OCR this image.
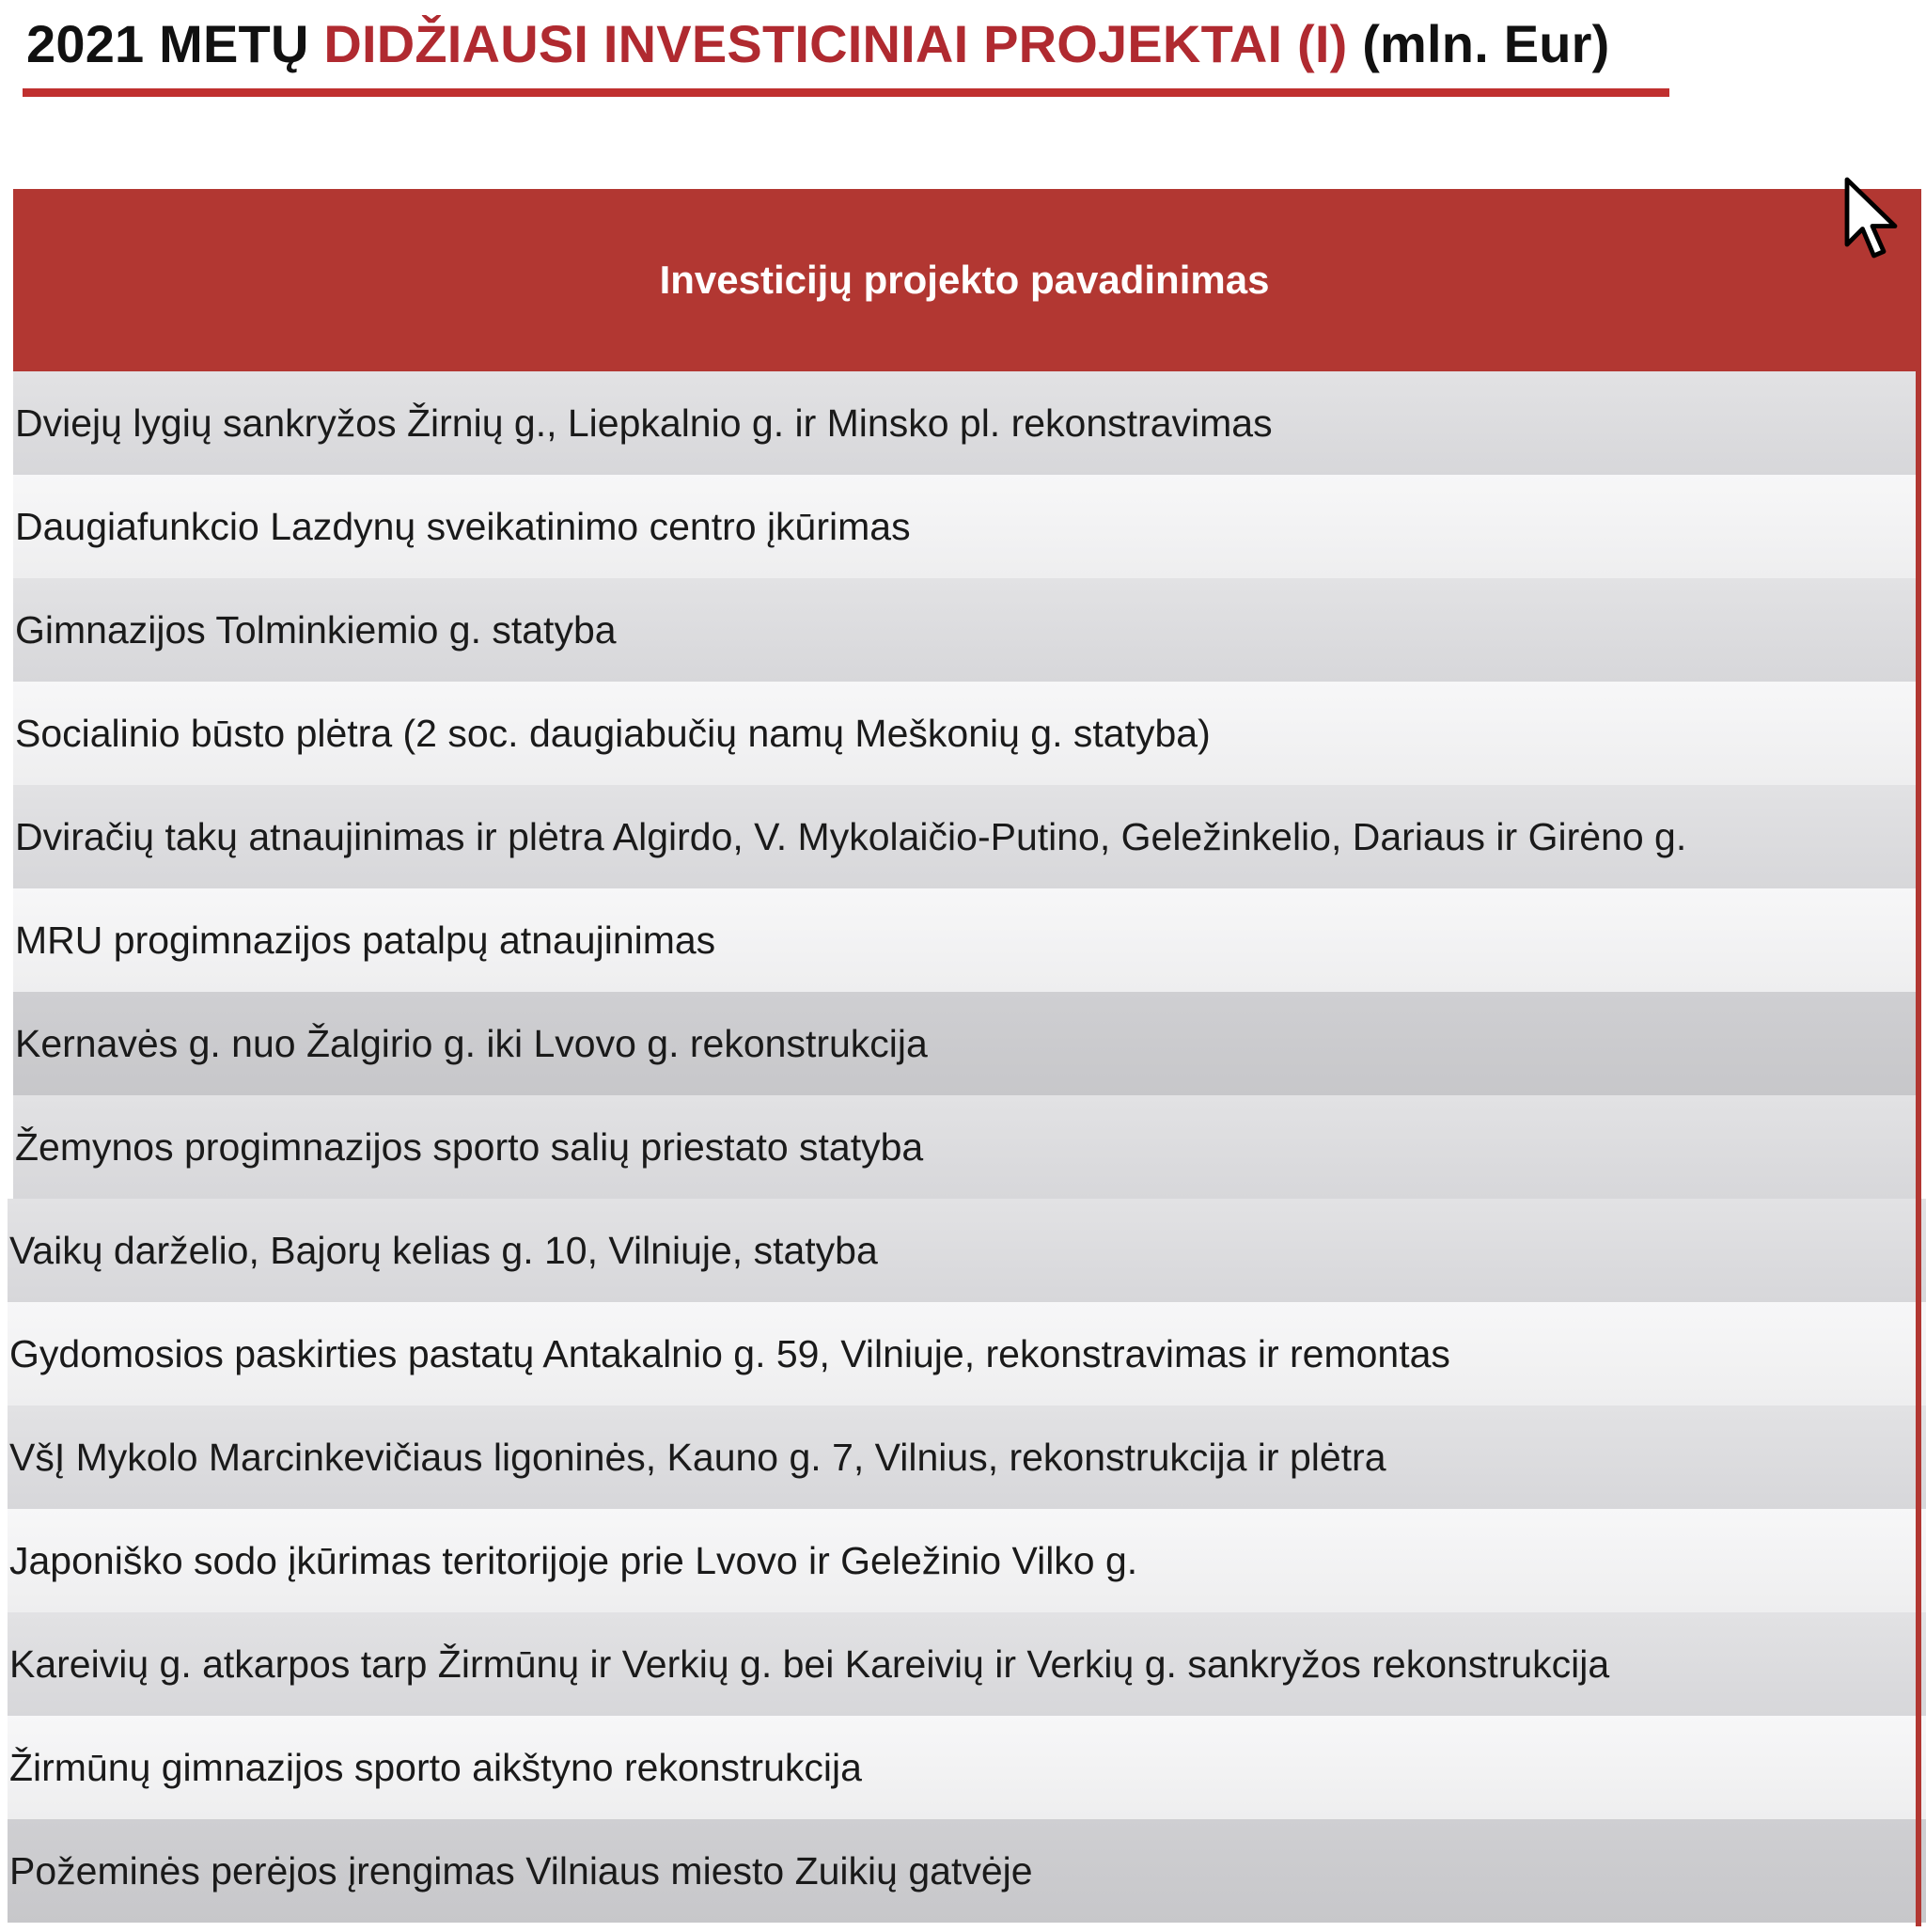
2021 METŲ DIDŽIAUSI INVESTICINIAI PROJEKTAI (I) (mln. Eur)
Investicijų projekto pavadinimas
Dviejų lygių sankryžos Žirnių g., Liepkalnio g. ir Minsko pl. rekonstravimas
Daugiafunkcio Lazdynų sveikatinimo centro įkūrimas
Gimnazijos Tolminkiemio g. statyba
Socialinio būsto plėtra (2 soc. daugiabučių namų Meškonių g. statyba)
Dviračių takų atnaujinimas ir plėtra Algirdo, V. Mykolaičio-Putino, Geležinkelio, Dariaus ir Girėno g.
MRU progimnazijos patalpų atnaujinimas
Kernavės g. nuo Žalgirio g. iki Lvovo g. rekonstrukcija
Žemynos progimnazijos sporto salių priestato statyba
Vaikų darželio, Bajorų kelias g. 10, Vilniuje, statyba
Gydomosios paskirties pastatų Antakalnio g. 59, Vilniuje, rekonstravimas ir remontas
VšĮ Mykolo Marcinkevičiaus ligoninės, Kauno g. 7, Vilnius, rekonstrukcija ir plėtra
Japoniško sodo įkūrimas teritorijoje prie Lvovo ir Geležinio Vilko g.
Kareivių g. atkarpos tarp Žirmūnų ir Verkių g. bei Kareivių ir Verkių g. sankryžos rekonstrukcija
Žirmūnų gimnazijos sporto aikštyno rekonstrukcija
Požeminės perėjos įrengimas Vilniaus miesto Zuikių gatvėje
